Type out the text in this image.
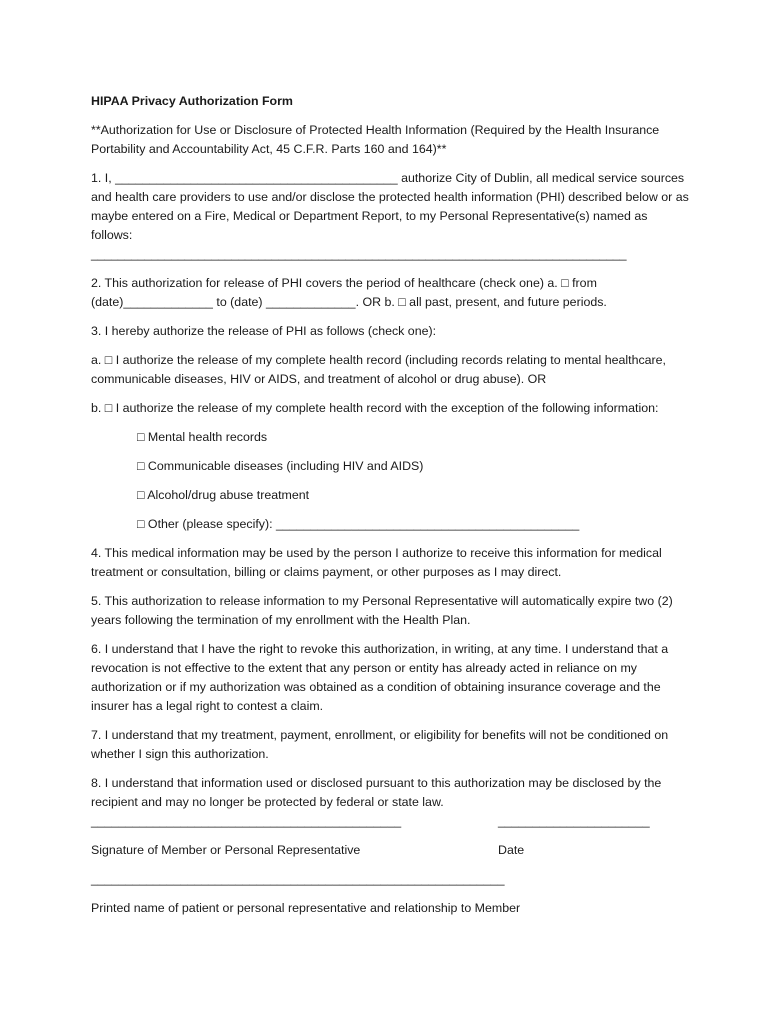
HIPAA Privacy Authorization Form

**Authorization for Use or Disclosure of Protected Health Information (Required by the Health Insurance Portability and Accountability Act, 45 C.F.R. Parts 160 and 164)**

1. I, _________________________________________ authorize City of Dublin, all medical service sources and health care providers to use and/or disclose the protected health information (PHI) described below or as maybe entered on a Fire, Medical or Department Report, to my Personal Representative(s) named as follows:

________________________________________________________________________________

2. This authorization for release of PHI covers the period of healthcare (check one) a. □ from (date)_____________ to (date) _____________. OR b. □ all past, present, and future periods.

3. I hereby authorize the release of PHI as follows (check one):

a. □ I authorize the release of my complete health record (including records relating to mental healthcare, communicable diseases, HIV or AIDS, and treatment of alcohol or drug abuse). OR

b. □ I authorize the release of my complete health record with the exception of the following information:

□ Mental health records

□ Communicable diseases (including HIV and AIDS)

□ Alcohol/drug abuse treatment

□ Other (please specify): ____________________________________________

4. This medical information may be used by the person I authorize to receive this information for medical treatment or consultation, billing or claims payment, or other purposes as I may direct.

5. This authorization to release information to my Personal Representative will automatically expire two (2) years following the termination of my enrollment with the Health Plan.

6. I understand that I have the right to revoke this authorization, in writing, at any time. I understand that a revocation is not effective to the extent that any person or entity has already acted in reliance on my authorization or if my authorization was obtained as a condition of obtaining insurance coverage and the insurer has a legal right to contest a claim.

7. I understand that my treatment, payment, enrollment, or eligibility for benefits will not be conditioned on whether I sign this authorization.

8. I understand that information used or disclosed pursuant to this authorization may be disclosed by the recipient and may no longer be protected by federal or state law.

_____________________________________________	______________________
Signature of Member or Personal Representative	Date

____________________________________________________________

Printed name of patient or personal representative and relationship to Member
